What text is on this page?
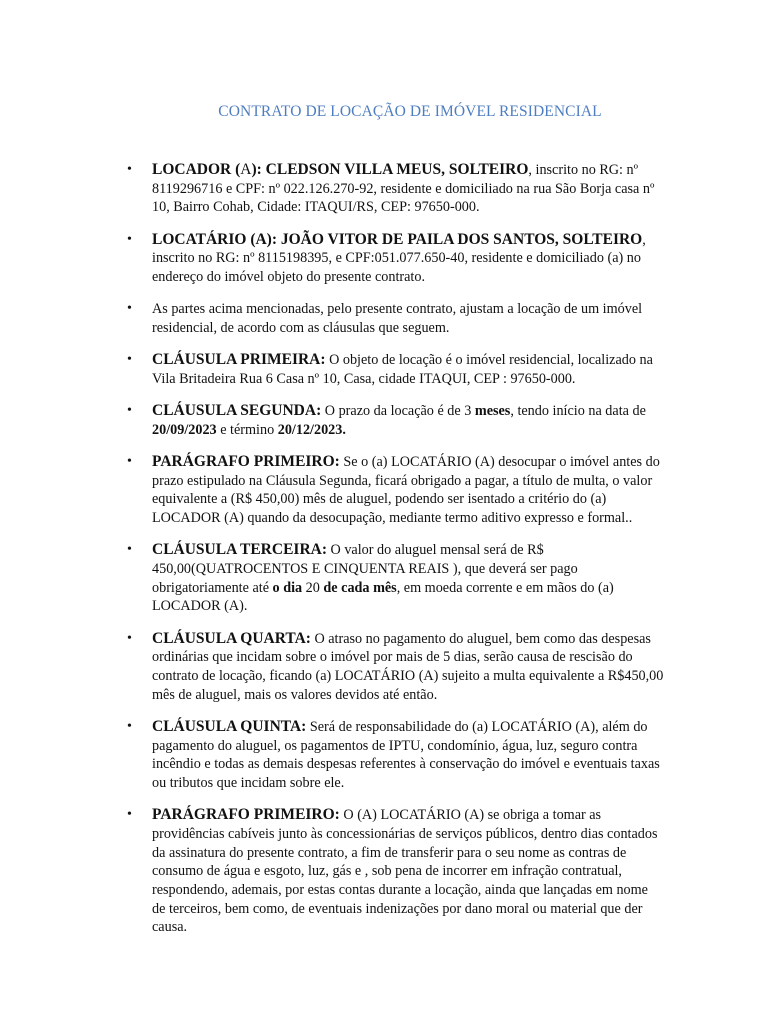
CONTRATO DE LOCAÇÃO DE IMÓVEL RESIDENCIAL
• LOCADOR (A): CLEDSON VILLA MEUS, SOLTEIRO, inscrito no RG: nº 8119296716 e CPF: nº 022.126.270-92, residente e domiciliado na rua São Borja casa nº 10, Bairro Cohab, Cidade: ITAQUI/RS, CEP: 97650-000.
• LOCATÁRIO (A): JOÃO VITOR DE PAILA DOS SANTOS, SOLTEIRO, inscrito no RG: nº 8115198395, e CPF:051.077.650-40, residente e domiciliado (a) no endereço do imóvel objeto do presente contrato.
• As partes acima mencionadas, pelo presente contrato, ajustam a locação de um imóvel residencial, de acordo com as cláusulas que seguem.
• CLÁUSULA PRIMEIRA: O objeto de locação é o imóvel residencial, localizado na Vila Britadeira Rua 6 Casa nº 10, Casa, cidade ITAQUI, CEP : 97650-000.
• CLÁUSULA SEGUNDA: O prazo da locação é de 3 meses, tendo início na data de 20/09/2023 e término 20/12/2023.
• PARÁGRAFO PRIMEIRO: Se o (a) LOCATÁRIO (A) desocupar o imóvel antes do prazo estipulado na Cláusula Segunda, ficará obrigado a pagar, a título de multa, o valor equivalente a (R$ 450,00) mês de aluguel, podendo ser isentado a critério do (a) LOCADOR (A) quando da desocupação, mediante termo aditivo expresso e formal..
• CLÁUSULA TERCEIRA: O valor do aluguel mensal será de R$ 450,00(QUATROCENTOS E CINQUENTA REAIS ), que deverá ser pago obrigatoriamente até o dia 20 de cada mês, em moeda corrente e em mãos do (a) LOCADOR (A).
• CLÁUSULA QUARTA: O atraso no pagamento do aluguel, bem como das despesas ordinárias que incidam sobre o imóvel por mais de 5 dias, serão causa de rescisão do contrato de locação, ficando (a) LOCATÁRIO (A) sujeito a multa equivalente a R$450,00 mês de aluguel, mais os valores devidos até então.
• CLÁUSULA QUINTA: Será de responsabilidade do (a) LOCATÁRIO (A), além do pagamento do aluguel, os pagamentos de IPTU, condomínio, água, luz, seguro contra incêndio e todas as demais despesas referentes à conservação do imóvel e eventuais taxas ou tributos que incidam sobre ele.
• PARÁGRAFO PRIMEIRO: O (A) LOCATÁRIO (A) se obriga a tomar as providências cabíveis junto às concessionárias de serviços públicos, dentro dias contados da assinatura do presente contrato, a fim de transferir para o seu nome as contras de consumo de água e esgoto, luz, gás e , sob pena de incorrer em infração contratual, respondendo, ademais, por estas contas durante a locação, ainda que lançadas em nome de terceiros, bem como, de eventuais indenizações por dano moral ou material que der causa.
